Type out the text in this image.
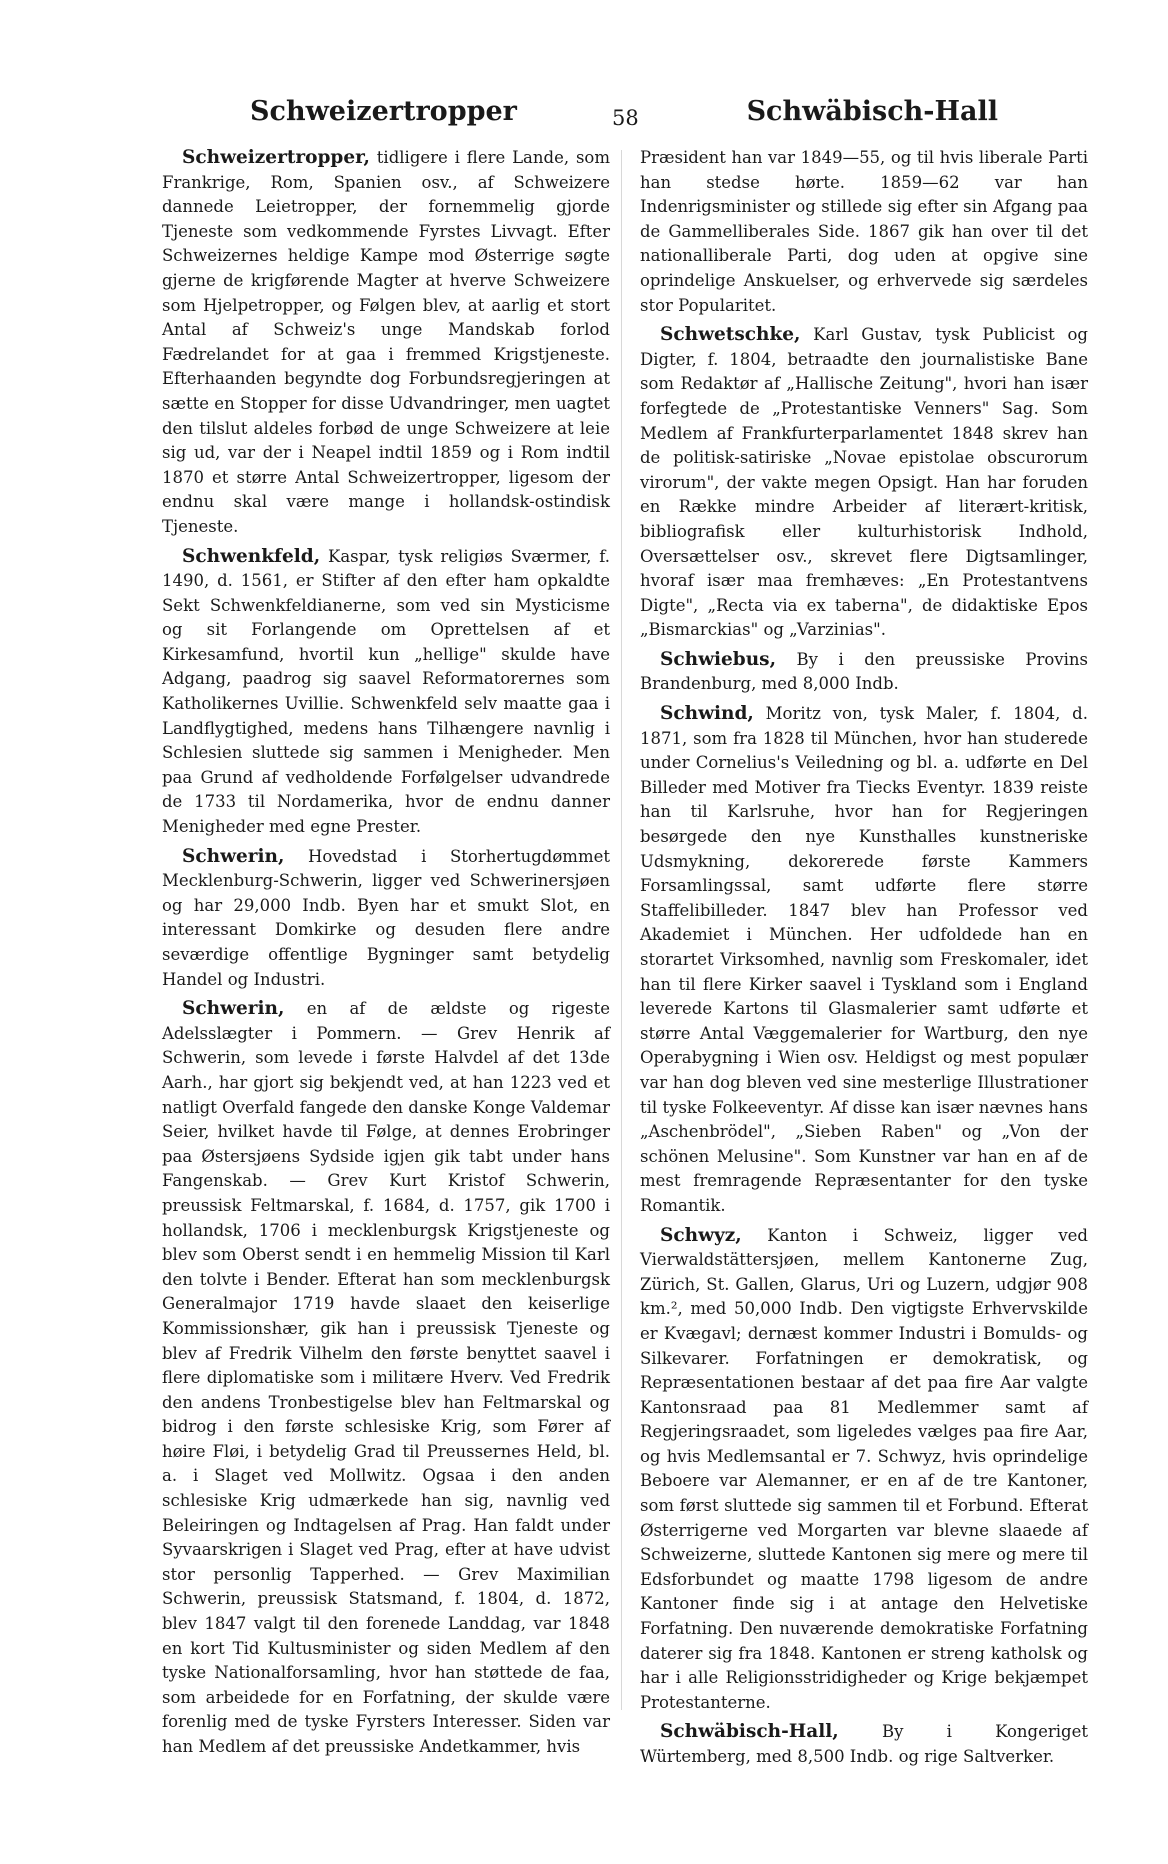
Schweizertropper	58	Schwäbisch-Hall

Schweizertropper, tidligere i flere Lande, som Frankrige, Rom, Spanien osv., af Schweizere dannede Leietropper, der fornemmelig gjorde Tjeneste som vedkommende Fyrstes Livvagt. Efter Schweizernes heldige Kampe mod Østerrige søgte gjerne de krigførende Magter at hverve Schweizere som Hjelpetropper, og Følgen blev, at aarlig et stort Antal af Schweiz's unge Mandskab forlod Fædrelandet for at gaa i fremmed Krigstjeneste. Efterhaanden begyndte dog Forbundsregjeringen at sætte en Stopper for disse Udvandringer, men uagtet den tilslut aldeles forbød de unge Schweizere at leie sig ud, var der i Neapel indtil 1859 og i Rom indtil 1870 et større Antal Schweizertropper, ligesom der endnu skal være mange i hollandsk-ostindisk Tjeneste.

Schwenkfeld, Kaspar, tysk religiøs Sværmer, f. 1490, d. 1561, er Stifter af den efter ham opkaldte Sekt Schwenkfeldianerne, som ved sin Mysticisme og sit Forlangende om Oprettelsen af et Kirkesamfund, hvortil kun „hellige" skulde have Adgang, paadrog sig saavel Reformatorernes som Katholikernes Uvillie. Schwenkfeld selv maatte gaa i Landflygtighed, medens hans Tilhængere navnlig i Schlesien sluttede sig sammen i Menigheder. Men paa Grund af vedholdende Forfølgelser udvandrede de 1733 til Nordamerika, hvor de endnu danner Menigheder med egne Prester.

Schwerin, Hovedstad i Storhertugdømmet Mecklenburg-Schwerin, ligger ved Schwerinersjøen og har 29,000 Indb. Byen har et smukt Slot, en interessant Domkirke og desuden flere andre seværdige offentlige Bygninger samt betydelig Handel og Industri.

Schwerin, en af de ældste og rigeste Adelsslægter i Pommern. — Grev Henrik af Schwerin, som levede i første Halvdel af det 13de Aarh., har gjort sig bekjendt ved, at han 1223 ved et natligt Overfald fangede den danske Konge Valdemar Seier, hvilket havde til Følge, at dennes Erobringer paa Østersjøens Sydside igjen gik tabt under hans Fangenskab. — Grev Kurt Kristof Schwerin, preussisk Feltmarskal, f. 1684, d. 1757, gik 1700 i hollandsk, 1706 i mecklenburgsk Krigstjeneste og blev som Oberst sendt i en hemmelig Mission til Karl den tolvte i Bender. Efterat han som mecklenburgsk Generalmajor 1719 havde slaaet den keiserlige Kommissionshær, gik han i preussisk Tjeneste og blev af Fredrik Vilhelm den første benyttet saavel i flere diplomatiske som i militære Hverv. Ved Fredrik den andens Tronbestigelse blev han Feltmarskal og bidrog i den første schlesiske Krig, som Fører af høire Fløi, i betydelig Grad til Preussernes Held, bl. a. i Slaget ved Mollwitz. Ogsaa i den anden schlesiske Krig udmærkede han sig, navnlig ved Beleiringen og Indtagelsen af Prag. Han faldt under Syvaarskrigen i Slaget ved Prag, efter at have udvist stor personlig Tapperhed. — Grev Maximilian Schwerin, preussisk Statsmand, f. 1804, d. 1872, blev 1847 valgt til den forenede Landdag, var 1848 en kort Tid Kultusminister og siden Medlem af den tyske Nationalforsamling, hvor han støttede de faa, som arbeidede for en Forfatning, der skulde være forenlig med de tyske Fyrsters Interesser. Siden var han Medlem af det preussiske Andetkammer, hvis

Præsident han var 1849—55, og til hvis liberale Parti han stedse hørte. 1859—62 var han Indenrigsminister og stillede sig efter sin Afgang paa de Gammelliberales Side. 1867 gik han over til det nationalliberale Parti, dog uden at opgive sine oprindelige Anskuelser, og erhvervede sig særdeles stor Popularitet.

Schwetschke, Karl Gustav, tysk Publicist og Digter, f. 1804, betraadte den journalistiske Bane som Redaktør af „Hallische Zeitung", hvori han især forfegtede de „Protestantiske Venners" Sag. Som Medlem af Frankfurterparlamentet 1848 skrev han de politisk-satiriske „Novae epistolae obscurorum virorum", der vakte megen Opsigt. Han har foruden en Række mindre Arbeider af literært-kritisk, bibliografisk eller kulturhistorisk Indhold, Oversættelser osv., skrevet flere Digtsamlinger, hvoraf især maa fremhæves: „En Protestantvens Digte", „Recta via ex taberna", de didaktiske Epos „Bismarckias" og „Varzinias".

Schwiebus, By i den preussiske Provins Brandenburg, med 8,000 Indb.

Schwind, Moritz von, tysk Maler, f. 1804, d. 1871, som fra 1828 til München, hvor han studerede under Cornelius's Veiledning og bl. a. udførte en Del Billeder med Motiver fra Tiecks Eventyr. 1839 reiste han til Karlsruhe, hvor han for Regjeringen besørgede den nye Kunsthalles kunstneriske Udsmykning, dekorerede første Kammers Forsamlingssal, samt udførte flere større Staffelibilleder. 1847 blev han Professor ved Akademiet i München. Her udfoldede han en storartet Virksomhed, navnlig som Freskomaler, idet han til flere Kirker saavel i Tyskland som i England leverede Kartons til Glasmalerier samt udførte et større Antal Væggemalerier for Wartburg, den nye Operabygning i Wien osv. Heldigst og mest populær var han dog bleven ved sine mesterlige Illustrationer til tyske Folkeeventyr. Af disse kan især nævnes hans „Aschenbrödel", „Sieben Raben" og „Von der schönen Melusine". Som Kunstner var han en af de mest fremragende Repræsentanter for den tyske Romantik.

Schwyz, Kanton i Schweiz, ligger ved Vierwaldstättersjøen, mellem Kantonerne Zug, Zürich, St. Gallen, Glarus, Uri og Luzern, udgjør 908 km.², med 50,000 Indb. Den vigtigste Erhvervskilde er Kvægavl; dernæst kommer Industri i Bomulds- og Silkevarer. Forfatningen er demokratisk, og Repræsentationen bestaar af det paa fire Aar valgte Kantonsraad paa 81 Medlemmer samt af Regjeringsraadet, som ligeledes vælges paa fire Aar, og hvis Medlemsantal er 7. Schwyz, hvis oprindelige Beboere var Alemanner, er en af de tre Kantoner, som først sluttede sig sammen til et Forbund. Efterat Østerrigerne ved Morgarten var blevne slaaede af Schweizerne, sluttede Kantonen sig mere og mere til Edsforbundet og maatte 1798 ligesom de andre Kantoner finde sig i at antage den Helvetiske Forfatning. Den nuværende demokratiske Forfatning daterer sig fra 1848. Kantonen er streng katholsk og har i alle Religionsstridigheder og Krige bekjæmpet Protestanterne.

Schwäbisch-Hall, By i Kongeriget Würtemberg, med 8,500 Indb. og rige Saltverker.
